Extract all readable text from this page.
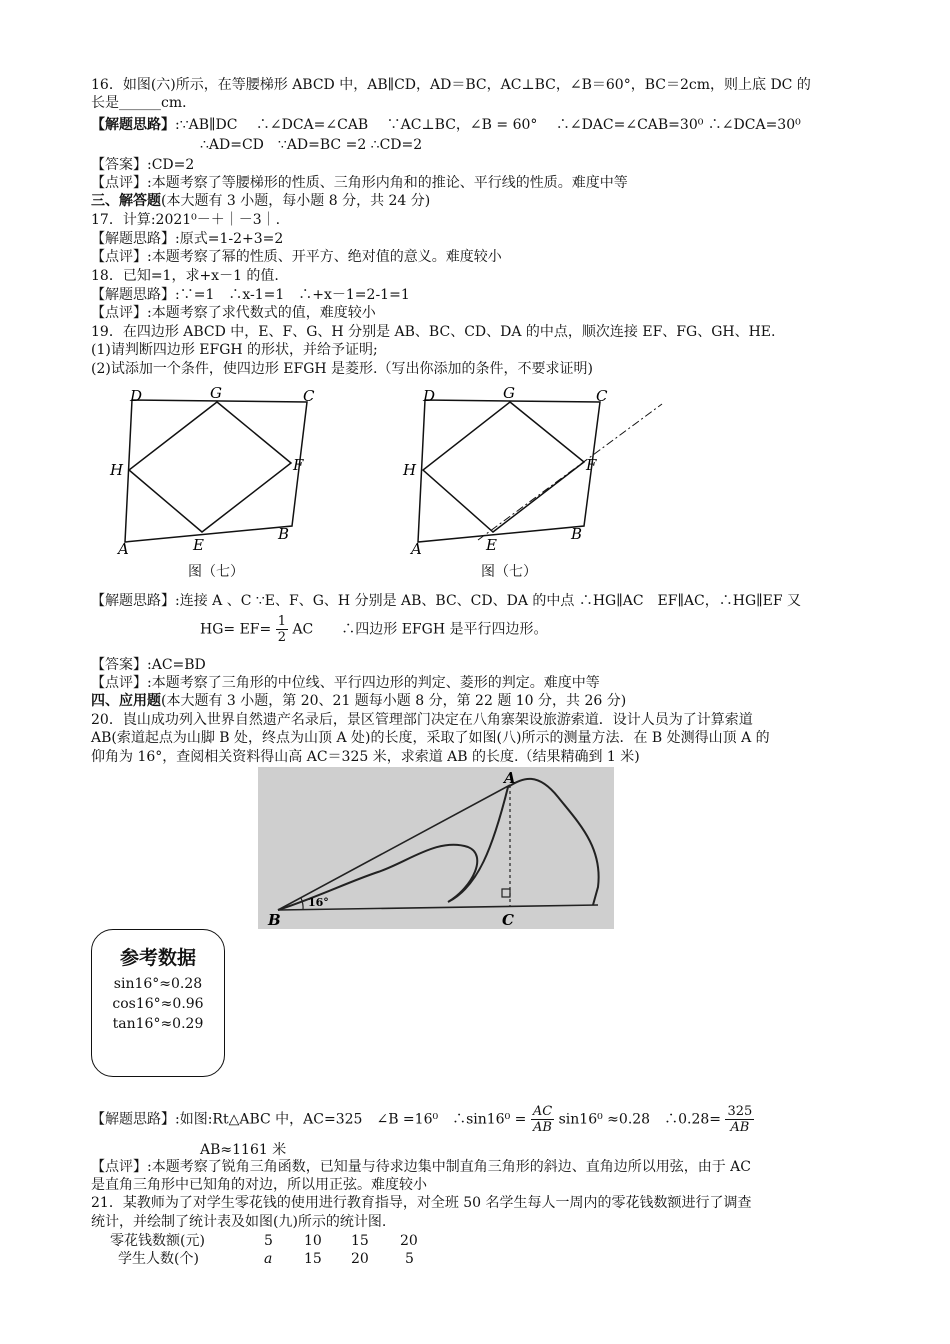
16．如图(六)所示，在等腰梯形 ABCD 中，AB∥CD，AD＝BC，AC⊥BC，∠B＝60°，BC＝2cm，则上底 DC 的
长是______cm．
【解题思路】:∵AB∥DC　 ∴∠DCA=∠CAB　 ∵AC⊥BC，∠B = 60°　 ∴∠DAC=∠CAB=30⁰ ∴∠DCA=30⁰
∴AD=CD　∵AD=BC =2 ∴CD=2
【答案】:CD=2
【点评】:本题考察了等腰梯形的性质、三角形内角和的推论、平行线的性质。难度中等
三、解答题(本大题有 3 小题，每小题 8 分，共 24 分)
17．计算:2021⁰－＋｜－3｜.
【解题思路】:原式=1-2+3=2
【点评】:本题考察了幂的性质、开平方、绝对值的意义。难度较小
18．已知=1，求+x－1 的值.
【解题思路】:∵=1　∴x-1=1　∴+x－1=2-1=1
【点评】:本题考察了求代数式的值，难度较小
19．在四边形 ABCD 中，E、F、G、H 分别是 AB、BC、CD、DA 的中点，顺次连接 EF、FG、GH、HE.
(1)请判断四边形 EFGH 的形状，并给予证明;
(2)试添加一个条件，使四边形 EFGH 是菱形.（写出你添加的条件，不要求证明)
D	G	C
H	F
B
A	E
图（七）
D	G	C
H	F
B
A	E
图（七）
【解题思路】:连接 A 、C ∵E、F、G、H 分别是 AB、BC、CD、DA 的中点 ∴HG∥AC　EF∥AC，∴HG∥EF 又
$HG= EF= \frac{1}{2}$ AC　　∴四边形 EFGH 是平行四边形。
【答案】:AC=BD
【点评】:本题考察了三角形的中位线、平行四边形的判定、菱形的判定。难度中等
四、应用题(本大题有 3 小题，第 20、21 题每小题 8 分，第 22 题 10 分，共 26 分)
20．崀山成功列入世界自然遗产名录后，景区管理部门决定在八角寨架设旅游索道．设计人员为了计算索道
AB(索道起点为山脚 B 处，终点为山顶 A 处)的长度，采取了如图(八)所示的测量方法．在 B 处测得山顶 A 的
仰角为 16°，查阅相关资料得山高 AC＝325 米，求索道 AB 的长度.（结果精确到 1 米)
A
B	C
16°
参考数据
sin16°≈0.28
cos16°≈0.96
tan16°≈0.29
【解题思路】:如图:Rt△ABC 中，AC=325　∠B =16⁰　∴sin16⁰ = $\frac{AC}{AB} \sin 16^0 \approx 0.28$　∴0.28= $\frac{325}{AB}$
AB≈1161 米
【点评】:本题考察了锐角三角函数，已知量与待求边集中制直角三角形的斜边、直角边所以用弦，由于 AC
是直角三角形中已知角的对边，所以用正弦。难度较小
21．某教师为了对学生零花钱的使用进行教育指导，对全班 50 名学生每人一周内的零花钱数额进行了调查
统计，并绘制了统计表及如图(九)所示的统计图.
零花钱数额(元)	5 10 15 20
学生人数(个)	a 15 20	5
